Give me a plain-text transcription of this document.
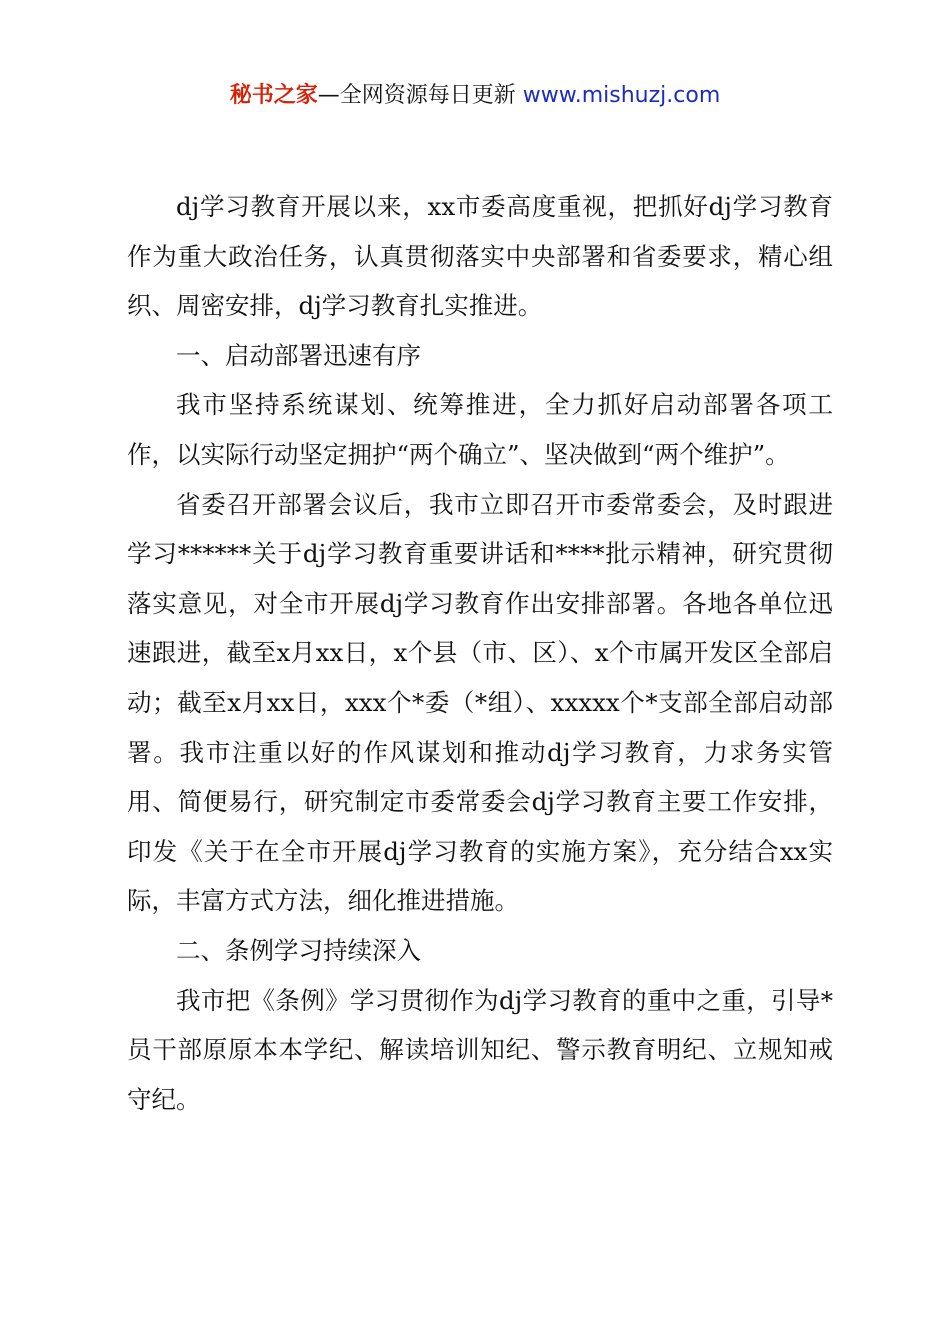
秘书之家—全网资源每日更新 www.mishuzj.com

dj学习教育开展以来，xx市委高度重视，把抓好dj学习教育作为重大政治任务，认真贯彻落实中央部署和省委要求，精心组织、周密安排，dj学习教育扎实推进。

一、启动部署迅速有序

我市坚持系统谋划、统筹推进，全力抓好启动部署各项工作，以实际行动坚定拥护“两个确立”、坚决做到“两个维护”。

省委召开部署会议后，我市立即召开市委常委会，及时跟进学习******关于dj学习教育重要讲话和****批示精神，研究贯彻落实意见，对全市开展dj学习教育作出安排部署。各地各单位迅速跟进，截至x月xx日，x个县（市、区）、x个市属开发区全部启动；截至x月xx日，xxx个*委（*组）、xxxxx个*支部全部启动部署。我市注重以好的作风谋划和推动dj学习教育，力求务实管用、简便易行，研究制定市委常委会dj学习教育主要工作安排，印发《关于在全市开展dj学习教育的实施方案》，充分结合xx实际，丰富方式方法，细化推进措施。

二、条例学习持续深入

我市把《条例》学习贯彻作为dj学习教育的重中之重，引导*员干部原原本本学纪、解读培训知纪、警示教育明纪、立规知戒守纪。
